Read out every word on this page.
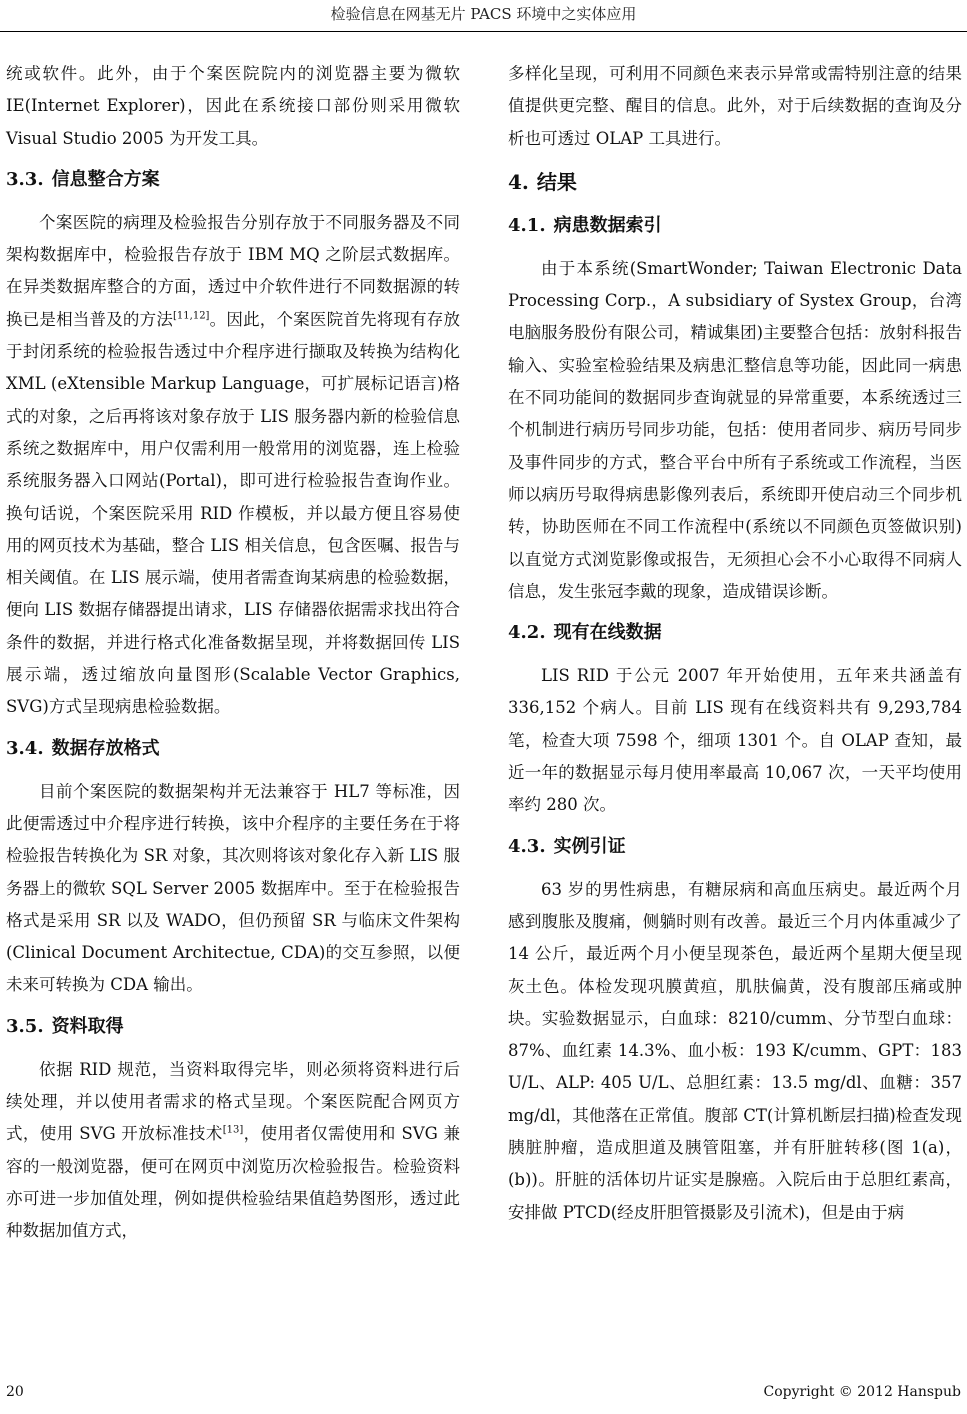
检验信息在网基无片 PACS 环境中之实体应用

统或软件。此外，由于个案医院院内的浏览器主要为微软 IE(Internet Explorer)，因此在系统接口部份则采用微软 Visual Studio 2005 为开发工具。

3.3. 信息整合方案

个案医院的病理及检验报告分别存放于不同服务器及不同架构数据库中，检验报告存放于 IBM MQ 之阶层式数据库。在异类数据库整合的方面，透过中介软件进行不同数据源的转换已是相当普及的方法[11,12]。因此，个案医院首先将现有存放于封闭系统的检验报告透过中介程序进行撷取及转换为结构化 XML (eXtensible Markup Language，可扩展标记语言)格式的对象，之后再将该对象存放于 LIS 服务器内新的检验信息系统之数据库中，用户仅需利用一般常用的浏览器，连上检验系统服务器入口网站(Portal)，即可进行检验报告查询作业。换句话说，个案医院采用 RID 作模板，并以最方便且容易使用的网页技术为基础，整合 LIS 相关信息，包含医嘱、报告与相关阈值。在 LIS 展示端，使用者需查询某病患的检验数据，便向 LIS 数据存储器提出请求，LIS 存储器依据需求找出符合条件的数据，并进行格式化准备数据呈现，并将数据回传 LIS 展示端，透过缩放向量图形(Scalable Vector Graphics, SVG)方式呈现病患检验数据。

3.4. 数据存放格式

目前个案医院的数据架构并无法兼容于 HL7 等标准，因此便需透过中介程序进行转换，该中介程序的主要任务在于将检验报告转换化为 SR 对象，其次则将该对象化存入新 LIS 服务器上的微软 SQL Server 2005 数据库中。至于在检验报告格式是采用 SR 以及 WADO，但仍预留 SR 与临床文件架构(Clinical Document Architectue, CDA)的交互参照，以便未来可转换为 CDA 输出。

3.5. 资料取得

依据 RID 规范，当资料取得完毕，则必须将资料进行后续处理，并以使用者需求的格式呈现。个案医院配合网页方式，使用 SVG 开放标准技术[13]，使用者仅需使用和 SVG 兼容的一般浏览器，便可在网页中浏览历次检验报告。检验资料亦可进一步加值处理，例如提供检验结果值趋势图形，透过此种数据加值方式，

多样化呈现，可利用不同颜色来表示异常或需特别注意的结果值提供更完整、醒目的信息。此外，对于后续数据的查询及分析也可透过 OLAP 工具进行。

4. 结果
4.1. 病患数据索引

由于本系统(SmartWonder; Taiwan Electronic Data Processing Corp.，A subsidiary of Systex Group，台湾电脑服务股份有限公司，精诚集团)主要整合包括：放射科报告输入、实验室检验结果及病患汇整信息等功能，因此同一病患在不同功能间的数据同步查询就显的异常重要，本系统透过三个机制进行病历号同步功能，包括：使用者同步、病历号同步及事件同步的方式，整合平台中所有子系统或工作流程，当医师以病历号取得病患影像列表后，系统即开使启动三个同步机转，协助医师在不同工作流程中(系统以不同颜色页签做识别)以直觉方式浏览影像或报告，无须担心会不小心取得不同病人信息，发生张冠李戴的现象，造成错误诊断。

4.2. 现有在线数据

LIS RID 于公元 2007 年开始使用，五年来共涵盖有 336,152 个病人。目前 LIS 现有在线资料共有 9,293,784 笔，检查大项 7598 个，细项 1301 个。自 OLAP 查知，最近一年的数据显示每月使用率最高 10,067 次，一天平均使用率约 280 次。

4.3. 实例引证

63 岁的男性病患，有糖尿病和高血压病史。最近两个月感到腹胀及腹痛，侧躺时则有改善。最近三个月内体重减少了 14 公斤，最近两个月小便呈现茶色，最近两个星期大便呈现灰土色。体检发现巩膜黄疸，肌肤偏黄，没有腹部压痛或肿块。实验数据显示，白血球：8210/cumm、分节型白血球：87%、血红素 14.3%、血小板：193 K/cumm、GPT：183 U/L、ALP: 405 U/L、总胆红素：13.5 mg/dl、血糖：357 mg/dl，其他落在正常值。腹部 CT(计算机断层扫描)检查发现胰脏肿瘤，造成胆道及胰管阻塞，并有肝脏转移(图 1(a)，(b))。肝脏的活体切片证实是腺癌。入院后由于总胆红素高，安排做 PTCD(经皮肝胆管摄影及引流术)，但是由于病

20	Copyright © 2012 Hanspub
